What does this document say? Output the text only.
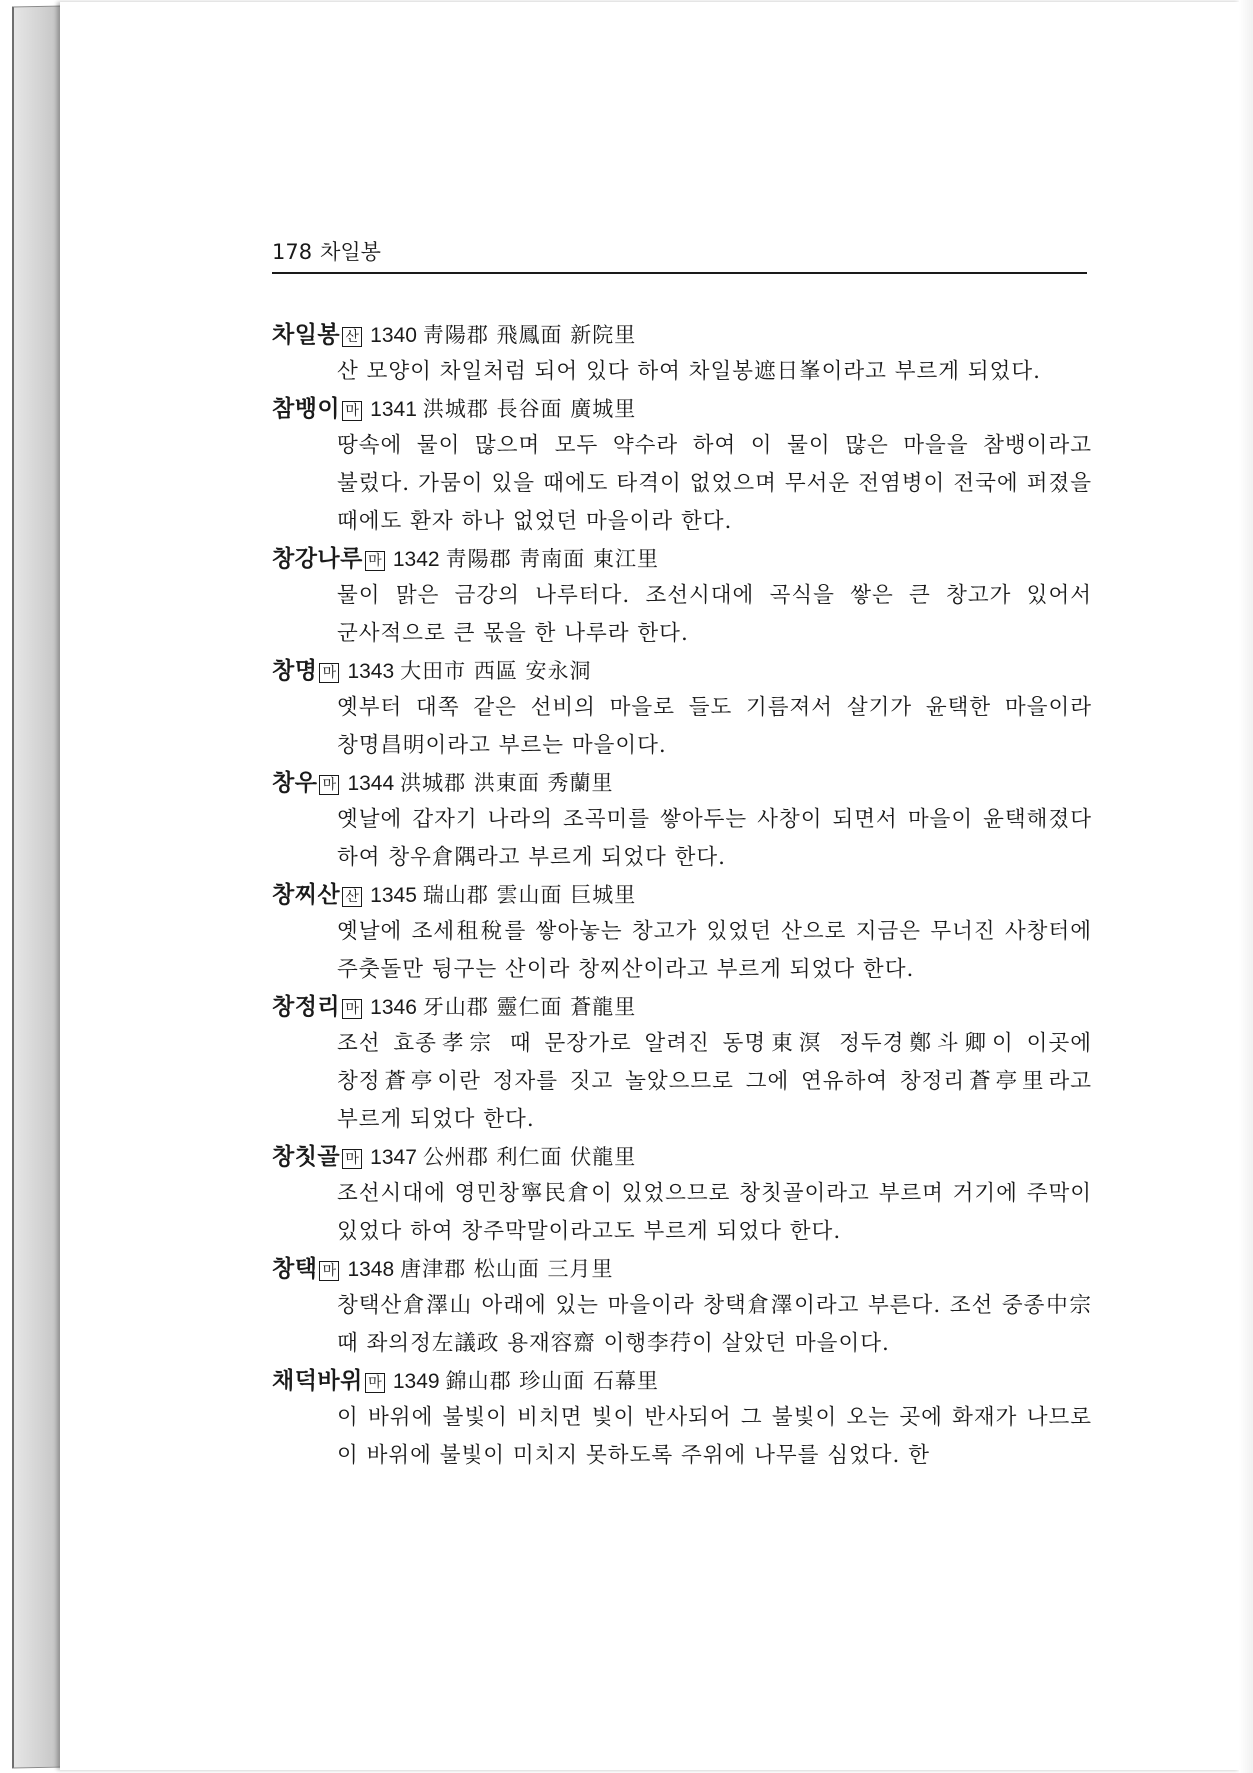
178 차일봉
차일봉 산 1340 靑陽郡 飛鳳面 新院里
산 모양이 차일처럼 되어 있다 하여 차일봉遮日峯이라고 부르게 되었다.
참뱅이 마 1341 洪城郡 長谷面 廣城里
땅속에 물이 많으며 모두 약수라 하여 이 물이 많은 마을을 참뱅이라고 불렀다. 가뭄이 있을 때에도 타격이 없었으며 무서운 전염병이 전국에 퍼졌을 때에도 환자 하나 없었던 마을이라 한다.
창강나루 마 1342 靑陽郡 靑南面 東江里
물이 맑은 금강의 나루터다. 조선시대에 곡식을 쌓은 큰 창고가 있어서 군사적으로 큰 몫을 한 나루라 한다.
창명 마 1343 大田市 西區 安永洞
옛부터 대쪽 같은 선비의 마을로 들도 기름져서 살기가 윤택한 마을이라 창명昌明이라고 부르는 마을이다.
창우 마 1344 洪城郡 洪東面 秀蘭里
옛날에 갑자기 나라의 조곡미를 쌓아두는 사창이 되면서 마을이 윤택해졌다 하여 창우倉隅라고 부르게 되었다 한다.
창찌산 산 1345 瑞山郡 雲山面 巨城里
옛날에 조세租稅를 쌓아놓는 창고가 있었던 산으로 지금은 무너진 사창터에 주춧돌만 뒹구는 산이라 창찌산이라고 부르게 되었다 한다.
창정리 마 1346 牙山郡 靈仁面 蒼龍里
조선 효종孝宗 때 문장가로 알려진 동명東溟 정두경鄭斗卿이 이곳에 창정蒼亭이란 정자를 짓고 놀았으므로 그에 연유하여 창정리蒼亭里라고 부르게 되었다 한다.
창칫골 마 1347 公州郡 利仁面 伏龍里
조선시대에 영민창寧民倉이 있었으므로 창칫골이라고 부르며 거기에 주막이 있었다 하여 창주막말이라고도 부르게 되었다 한다.
창택 마 1348 唐津郡 松山面 三月里
창택산倉澤山 아래에 있는 마을이라 창택倉澤이라고 부른다. 조선 중종中宗 때 좌의정左議政 용재容齋 이행李荇이 살았던 마을이다.
채덕바위 마 1349 錦山郡 珍山面 石幕里
이 바위에 불빛이 비치면 빛이 반사되어 그 불빛이 오는 곳에 화재가 나므로 이 바위에 불빛이 미치지 못하도록 주위에 나무를 심었다. 한
